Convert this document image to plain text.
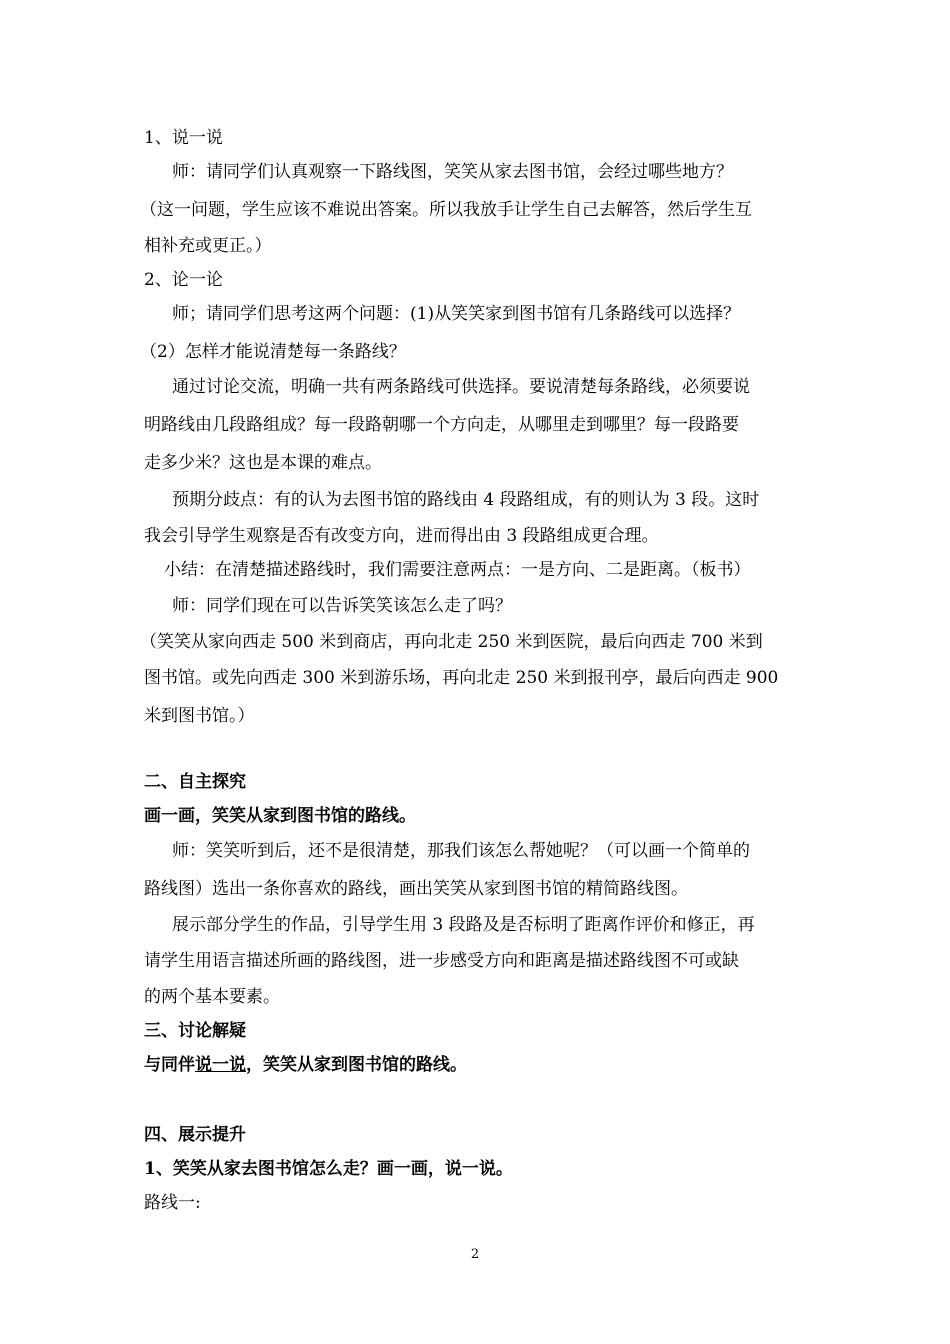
1、说一说
师：请同学们认真观察一下路线图，笑笑从家去图书馆，会经过哪些地方？
（这一问题，学生应该不难说出答案。所以我放手让学生自己去解答，然后学生互
相补充或更正。）
2、论一论
师；请同学们思考这两个问题：(1)从笑笑家到图书馆有几条路线可以选择？
（2）怎样才能说清楚每一条路线？
通过讨论交流，明确一共有两条路线可供选择。要说清楚每条路线，必须要说
明路线由几段路组成？每一段路朝哪一个方向走，从哪里走到哪里？每一段路要
走多少米？这也是本课的难点。
预期分歧点：有的认为去图书馆的路线由 4 段路组成，有的则认为 3 段。这时
我会引导学生观察是否有改变方向，进而得出由 3 段路组成更合理。
小结：在清楚描述路线时，我们需要注意两点：一是方向、二是距离。（板书）
师：同学们现在可以告诉笑笑该怎么走了吗？
（笑笑从家向西走 500 米到商店，再向北走 250 米到医院，最后向西走 700 米到
图书馆。或先向西走 300 米到游乐场，再向北走 250 米到报刊亭，最后向西走 900
米到图书馆。）
二、自主探究
画一画，笑笑从家到图书馆的路线。
师：笑笑听到后，还不是很清楚，那我们该怎么帮她呢？（可以画一个简单的
路线图）选出一条你喜欢的路线，画出笑笑从家到图书馆的精简路线图。
展示部分学生的作品，引导学生用 3 段路及是否标明了距离作评价和修正，再
请学生用语言描述所画的路线图，进一步感受方向和距离是描述路线图不可或缺
的两个基本要素。
三、讨论解疑
与同伴说一说，笑笑从家到图书馆的路线。
四、展示提升
1、笑笑从家去图书馆怎么走？画一画，说一说。
路线一:
2
